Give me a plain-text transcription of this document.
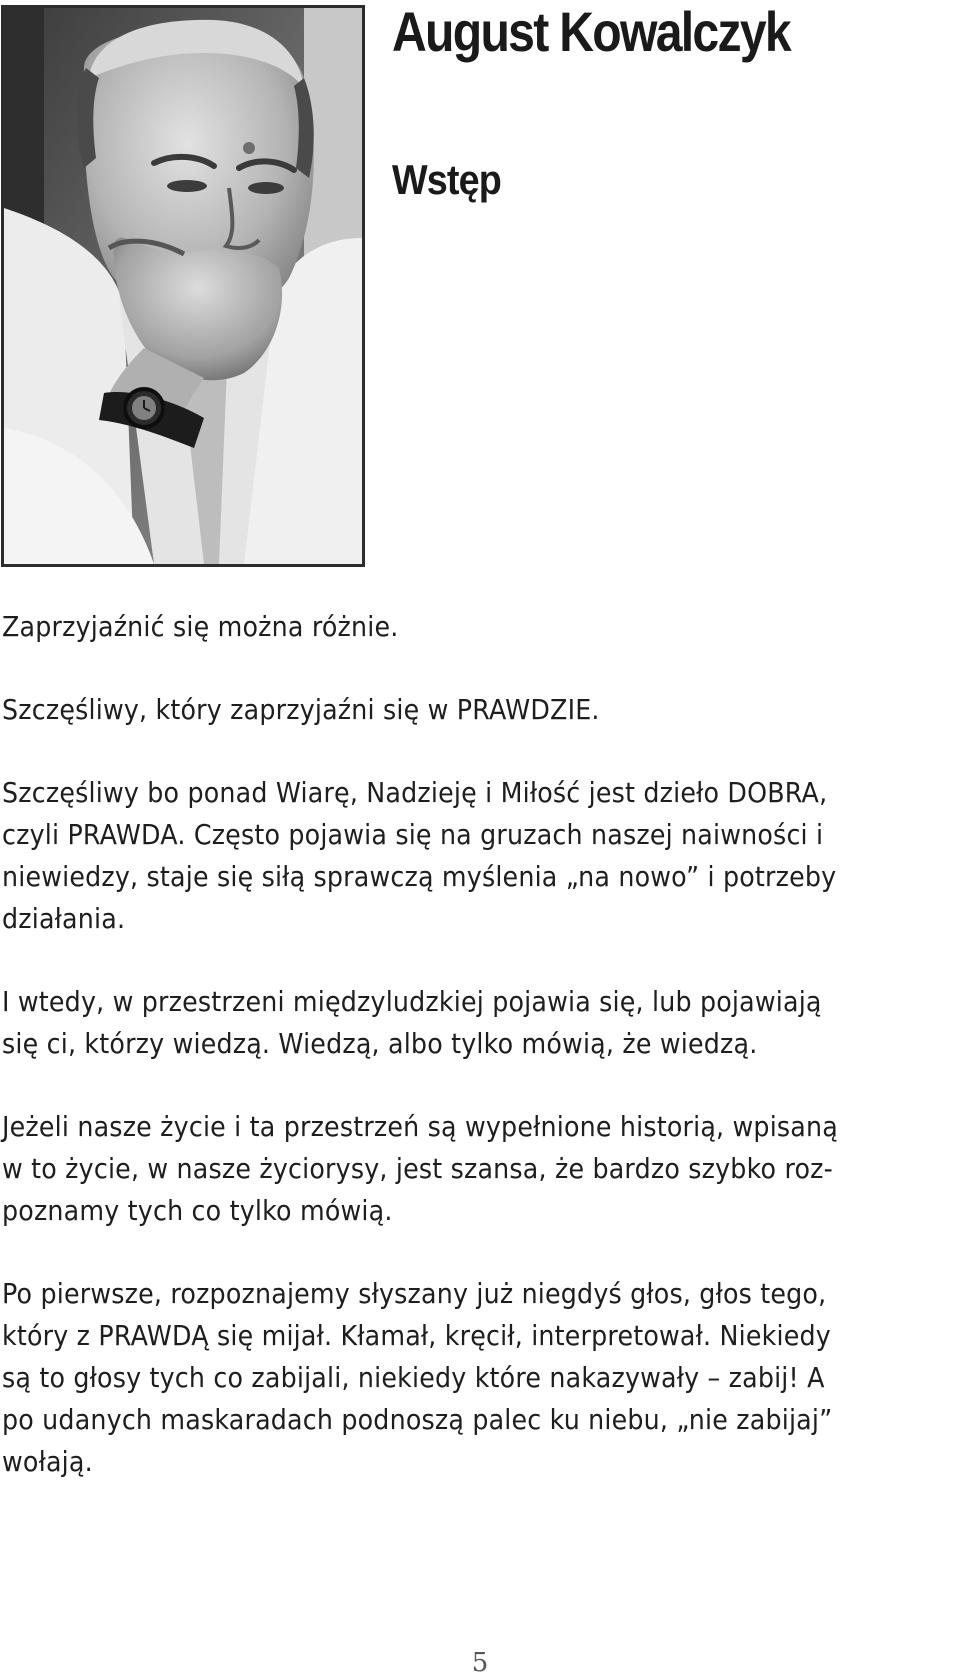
August Kowalczyk
Wstęp

Zaprzyjaźnić się można różnie.

Szczęśliwy, który zaprzyjaźni się w PRAWDZIE.

Szczęśliwy bo ponad Wiarę, Nadzieję i Miłość jest dzieło DOBRA,

czyli PRAWDA. Często pojawia się na gruzach naszej naiwności i

niewiedzy, staje się siłą sprawczą myślenia „na nowo” i potrzeby

działania.

I wtedy, w przestrzeni międzyludzkiej pojawia się, lub pojawiają

się ci, którzy wiedzą. Wiedzą, albo tylko mówią, że wiedzą.

Jeżeli nasze życie i ta przestrzeń są wypełnione historią, wpisaną

w to życie, w nasze życiorysy, jest szansa, że bardzo szybko roz-

poznamy tych co tylko mówią.

Po pierwsze, rozpoznajemy słyszany już niegdyś głos, głos tego,

który z PRAWDĄ się mijał. Kłamał, kręcił, interpretował. Niekiedy

są to głosy tych co zabijali, niekiedy które nakazywały – zabij! A

po udanych maskaradach podnoszą palec ku niebu, „nie zabijaj”

wołają.

5
